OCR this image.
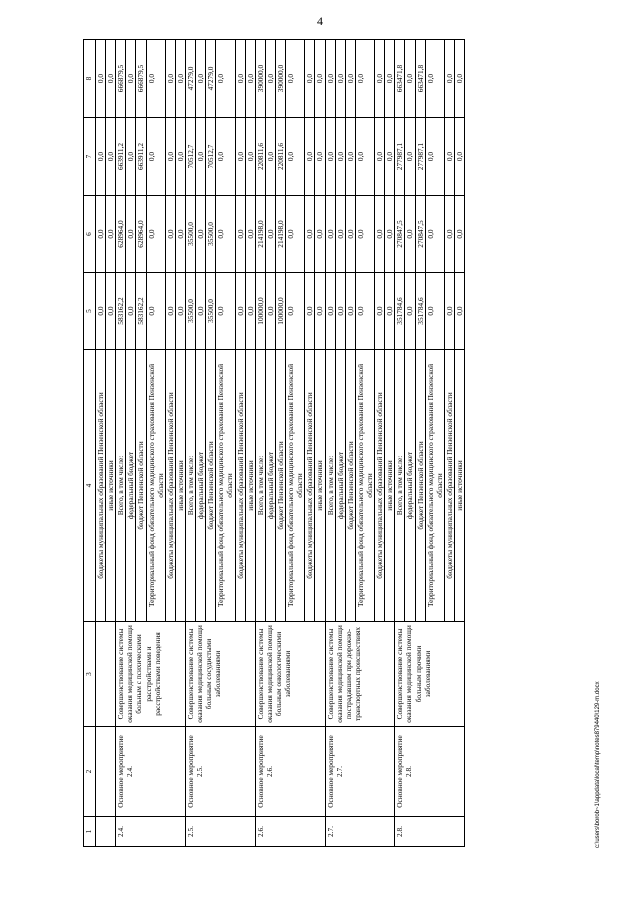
4
1	2	3	4	5	6	7	8
			бюджеты муниципальных образований Пензенской области	0,0	0,0	0,0	0,0
			иные источники	0,0	0,0	0,0	0,0
2.4.	Основное мероприятие 2.4.	Совершенствование системы оказания медицинской помощи больным с психическими расстройствами и расстройствами поведения	Всего, в том числе:	583162,2	628964,0	663911,2	666879,5
			федеральный бюджет	0,0	0,0	0,0	0,0
			бюджет Пензенской области	583162,2	628964,0	663911,2	666879,5
			Территориальный фонд обязательного медицинского страхования Пензенской области	0,0	0,0	0,0	0,0
			бюджеты муниципальных образований Пензенской области	0,0	0,0	0,0	0,0
			иные источники	0,0	0,0	0,0	0,0
2.5.	Основное мероприятие 2.5.	Совершенствование системы оказания медицинской помощи больным сосудистыми заболеваниями	Всего, в том числе:	35500,0	35500,0	70512,7	47279,0
			федеральный бюджет	0,0	0,0	0,0	0,0
			бюджет Пензенской области	35500,0	35500,0	70512,7	47279,0
			Территориальный фонд обязательного медицинского страхования Пензенской области	0,0	0,0	0,0	0,0
			бюджеты муниципальных образований Пензенской области	0,0	0,0	0,0	0,0
			иные источники	0,0	0,0	0,0	0,0
2.6.	Основное мероприятие 2.6.	Совершенствование системы оказания медицинской помощи больным онкологическими заболеваниями	Всего, в том числе:	100000,0	214198,0	220811,6	390000,0
			федеральный бюджет	0,0	0,0	0,0	0,0
			бюджет Пензенской области	100000,0	214198,0	220811,6	390000,0
			Территориальный фонд обязательного медицинского страхования Пензенской области	0,0	0,0	0,0	0,0
			бюджеты муниципальных образований Пензенской области	0,0	0,0	0,0	0,0
			иные источники	0,0	0,0	0,0	0,0
2.7.	Основное мероприятие 2.7.	Совершенствование системы оказания медицинской помощи пострадавшим при дорожно-транспортных происшествиях	Всего, в том числе:	0,0	0,0	0,0	0,0
			федеральный бюджет	0,0	0,0	0,0	0,0
			бюджет Пензенской области	0,0	0,0	0,0	0,0
			Территориальный фонд обязательного медицинского страхования Пензенской области	0,0	0,0	0,0	0,0
			бюджеты муниципальных образований Пензенской области	0,0	0,0	0,0	0,0
			иные источники	0,0	0,0	0,0	0,0
2.8.	Основное мероприятие 2.8.	Совершенствование системы оказания медицинской помощи больным прочими заболеваниями	Всего, в том числе:	351784,6	270847,5	277987,1	663471,8
			федеральный бюджет	0,0	0,0	0,0	0,0
			бюджет Пензенской области	351784,6	270847,5	277987,1	663471,8
			Территориальный фонд обязательного медицинского страхования Пензенской области	0,0	0,0	0,0	0,0
			бюджеты муниципальных образований Пензенской области	0,0	0,0	0,0	0,0
			иные источники	0,0	0,0	0,0	0,0
c:\users\borob~1\appdata\local\temp\notes879440\129-m.docx
